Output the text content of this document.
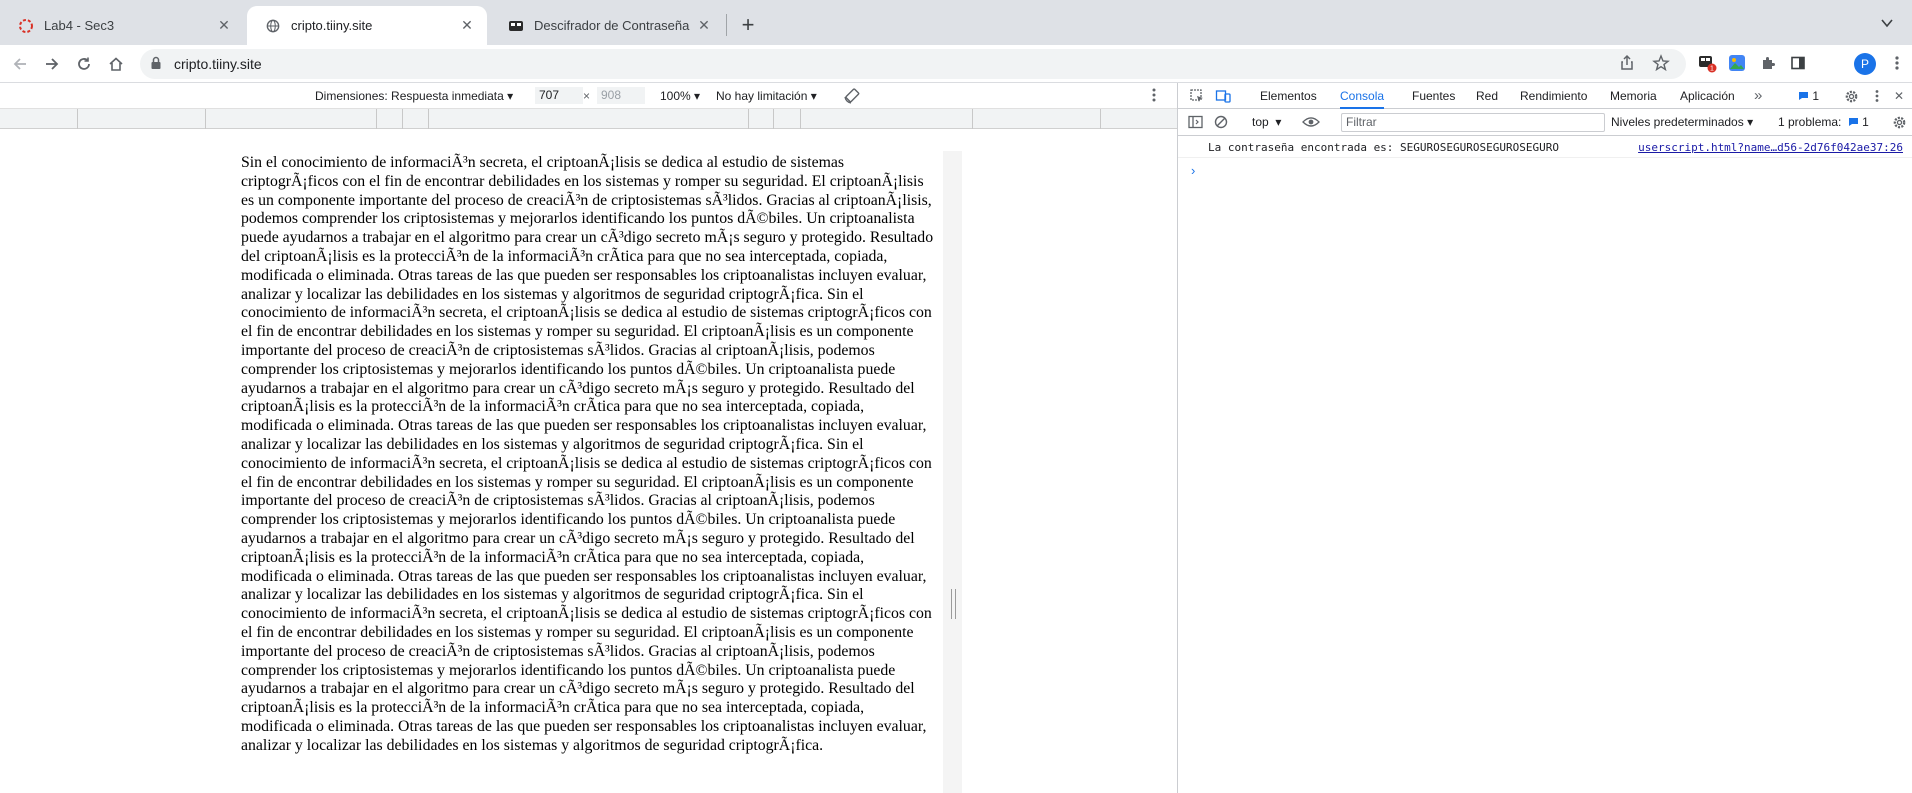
Lab4 - Sec3	✕	cripto.tiiny.site	✕	Descifrador de Contraseña ✕ +
cripto.tiiny.site	1	P
Dimensiones: Respuesta inmediata ▾	707	× 908	100% ▾ No hay limitación ▾
Sin el conocimiento de informaciÃ³n secreta, el criptoanÃ¡lisis se dedica al estudio de sistemas criptogrÃ¡ficos con el fin de encontrar debilidades en los sistemas y romper su seguridad. El criptoanÃ¡lisis es un componente importante del proceso de creaciÃ³n de criptosistemas sÃ³lidos. Gracias al criptoanÃ¡lisis, podemos comprender los criptosistemas y mejorarlos identificando los puntos dÃ©biles. Un criptoanalista puede ayudarnos a trabajar en el algoritmo para crear un cÃ³digo secreto mÃ¡s seguro y protegido. Resultado del criptoanÃ¡lisis es la protecciÃ³n de la informaciÃ³n crÃtica para que no sea interceptada, copiada, modificada o eliminada. Otras tareas de las que pueden ser responsables los criptoanalistas incluyen evaluar, analizar y localizar las debilidades en los sistemas y algoritmos de seguridad criptogrÃ¡fica. Sin el conocimiento de informaciÃ³n secreta, el criptoanÃ¡lisis se dedica al estudio de sistemas criptogrÃ¡ficos con el fin de encontrar debilidades en los sistemas y romper su seguridad. El criptoanÃ¡lisis es un componente importante del proceso de creaciÃ³n de criptosistemas sÃ³lidos. Gracias al criptoanÃ¡lisis, podemos comprender los criptosistemas y mejorarlos identificando los puntos dÃ©biles. Un criptoanalista puede ayudarnos a trabajar en el algoritmo para crear un cÃ³digo secreto mÃ¡s seguro y protegido. Resultado del criptoanÃ¡lisis es la protecciÃ³n de la informaciÃ³n crÃtica para que no sea interceptada, copiada, modificada o eliminada. Otras tareas de las que pueden ser responsables los criptoanalistas incluyen evaluar, analizar y localizar las debilidades en los sistemas y algoritmos de seguridad criptogrÃ¡fica. Sin el conocimiento de informaciÃ³n secreta, el criptoanÃ¡lisis se dedica al estudio de sistemas criptogrÃ¡ficos con el fin de encontrar debilidades en los sistemas y romper su seguridad. El criptoanÃ¡lisis es un componente importante del proceso de creaciÃ³n de criptosistemas sÃ³lidos. Gracias al criptoanÃ¡lisis, podemos comprender los criptosistemas y mejorarlos identificando los puntos dÃ©biles. Un criptoanalista puede ayudarnos a trabajar en el algoritmo para crear un cÃ³digo secreto mÃ¡s seguro y protegido. Resultado del criptoanÃ¡lisis es la protecciÃ³n de la informaciÃ³n crÃtica para que no sea interceptada, copiada, modificada o eliminada. Otras tareas de las que pueden ser responsables los criptoanalistas incluyen evaluar, analizar y localizar las debilidades en los sistemas y algoritmos de seguridad criptogrÃ¡fica. Sin el conocimiento de informaciÃ³n secreta, el criptoanÃ¡lisis se dedica al estudio de sistemas criptogrÃ¡ficos con el fin de encontrar debilidades en los sistemas y romper su seguridad. El criptoanÃ¡lisis es un componente importante del proceso de creaciÃ³n de criptosistemas sÃ³lidos. Gracias al criptoanÃ¡lisis, podemos comprender los criptosistemas y mejorarlos identificando los puntos dÃ©biles. Un criptoanalista puede ayudarnos a trabajar en el algoritmo para crear un cÃ³digo secreto mÃ¡s seguro y protegido. Resultado del criptoanÃ¡lisis es la protecciÃ³n de la informaciÃ³n crÃtica para que no sea interceptada, copiada, modificada o eliminada. Otras tareas de las que pueden ser responsables los criptoanalistas incluyen evaluar, analizar y localizar las debilidades en los sistemas y algoritmos de seguridad criptogrÃ¡fica.
Elementos Consola Fuentes Red Rendimiento Memoria Aplicación »	1	✕
top  ▾	Filtrar	Niveles predeterminados ▾ 1 problema: 1
La contraseña encontrada es: SEGUROSEGUROSEGUROSEGURO	userscript.html?name…d56-2d76f042ae37:26
›
